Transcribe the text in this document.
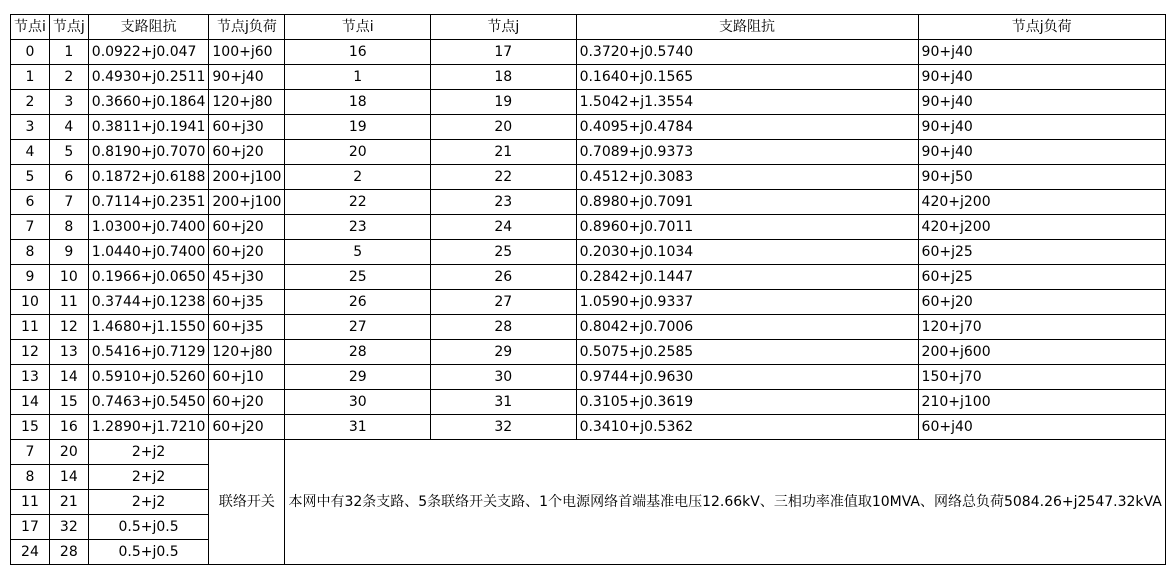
节点i	节点j	支路阻抗	节点j负荷	节点i	节点j	支路阻抗	节点j负荷
0	1	0.0922+j0.047	100+j60	16	17	0.3720+j0.5740	90+j40
1	2	0.4930+j0.2511	90+j40	1	18	0.1640+j0.1565	90+j40
2	3	0.3660+j0.1864	120+j80	18	19	1.5042+j1.3554	90+j40
3	4	0.3811+j0.1941	60+j30	19	20	0.4095+j0.4784	90+j40
4	5	0.8190+j0.7070	60+j20	20	21	0.7089+j0.9373	90+j40
5	6	0.1872+j0.6188	200+j100	2	22	0.4512+j0.3083	90+j50
6	7	0.7114+j0.2351	200+j100	22	23	0.8980+j0.7091	420+j200
7	8	1.0300+j0.7400	60+j20	23	24	0.8960+j0.7011	420+j200
8	9	1.0440+j0.7400	60+j20	5	25	0.2030+j0.1034	60+j25
9	10	0.1966+j0.0650	45+j30	25	26	0.2842+j0.1447	60+j25
10	11	0.3744+j0.1238	60+j35	26	27	1.0590+j0.9337	60+j20
11	12	1.4680+j1.1550	60+j35	27	28	0.8042+j0.7006	120+j70
12	13	0.5416+j0.7129	120+j80	28	29	0.5075+j0.2585	200+j600
13	14	0.5910+j0.5260	60+j10	29	30	0.9744+j0.9630	150+j70
14	15	0.7463+j0.5450	60+j20	30	31	0.3105+j0.3619	210+j100
15	16	1.2890+j1.7210	60+j20	31	32	0.3410+j0.5362	60+j40
7	20	2+j2	联络开关	本网中有32条支路、5条联络开关支路、1个电源网络首端基准电压12.66kV、三相功率准值取10MVA、网络总负荷5084.26+j2547.32kVA			
8	14	2+j2					
11	21	2+j2					
17	32	0.5+j0.5					
24	28	0.5+j0.5					
